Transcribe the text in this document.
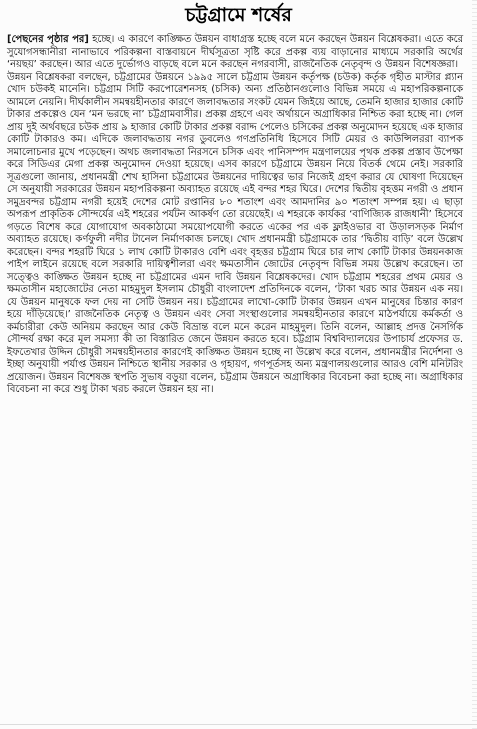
চট্টগ্রামে শর্ষের

[পেছনের পৃষ্ঠার পর] হচ্ছে। এ কারণে কাঙ্ক্ষিত উন্নয়ন বাধাগ্রস্ত হচ্ছে বলে মনে করছেন উন্নয়ন বিশ্লেষকরা। এতে করে সুযোগসন্ধানীরা নানাভাবে পরিকল্পনা বাস্তবায়নে দীর্ঘসূত্রতা সৃষ্টি করে প্রকল্প ব্যয় বাড়ানোর মাধ্যমে সরকারি অর্থের ‘নয়ছয়’ করছেন। আর এতে দুর্ভোগও বাড়ছে বলে মনে করছেন নগরবাসী, রাজনৈতিক নেতৃবৃন্দ ও উন্নয়ন বিশেষজ্ঞরা।

উন্নয়ন বিশ্লেষকরা বলছেন, চট্টগ্রামের উন্নয়নে ১৯৯৫ সালে চট্টগ্রাম উন্নয়ন কর্তৃপক্ষ (চউক) কর্তৃক গৃহীত মাস্টার প্ল্যান খোদ চউকই মানেনি। চট্টগ্রাম সিটি করপোরেশনসহ (চসিক) অন্য প্রতিষ্ঠানগুলোও বিভিন্ন সময়ে এ মহাপরিকল্পনাকে আমলে নেয়নি। দীর্ঘকালীন সমন্বয়হীনতার কারণে জলাবদ্ধতার সংকট যেমন জিইয়ে আছে, তেমনি হাজার হাজার কোটি টাকার প্রকল্পেও যেন ‘মন ভরছে না’ চট্টগ্রামবাসীর। প্রকল্প গ্রহণে এবং অর্থায়নে অগ্রাধিকার নিশ্চিত করা হচ্ছে না। গেল প্রায় দুই অর্থবছরে চউক প্রায় ৯ হাজার কোটি টাকার প্রকল্প বরাদ্দ পেলেও চসিকের প্রকল্প অনুমোদন হয়েছে এক হাজার কোটি টাকারও কম। এদিকে জলাবদ্ধতায় নগর ডুবলেও গণপ্রতিনিধি হিসেবে সিটি মেয়র ও কাউন্সিলররা ব্যাপক সমালোচনার মুখে পড়েছেন। অথচ জলাবদ্ধতা নিরসনে চসিক এবং পানিসম্পদ মন্ত্রণালয়ের পৃথক প্রকল্প প্রস্তাব উপেক্ষা করে সিডিএর মেগা প্রকল্প অনুমোদন দেওয়া হয়েছে। এসব কারণে চট্টগ্রামে উন্নয়ন নিয়ে বিতর্ক থেমে নেই। সরকারি সূত্রগুলো জানায়, প্রধানমন্ত্রী শেখ হাসিনা চট্টগ্রামের উন্নয়নের দায়িত্বের ভার নিজেই গ্রহণ করার যে ঘোষণা দিয়েছেন সে অনুযায়ী সরকারের উন্নয়ন মহাপরিকল্পনা অব্যাহত রয়েছে এই বন্দর শহর ঘিরে। দেশের দ্বিতীয় বৃহত্তম নগরী ও প্রধান সমুদ্রবন্দর চট্টগ্রাম নগরী হয়েই দেশের মোট রপ্তানির ৮০ শতাংশ এবং আমদানির ৯০ শতাংশ সম্পন্ন হয়। এ ছাড়া অপরূপ প্রাকৃতিক সৌন্দর্যের এই শহরের পর্যটন আকর্ষণ তো রয়েছেই। এ শহরকে কার্যকর ‘বাণিজ্যিক রাজধানী’ হিসেবে গড়তে বিশেষ করে যোগাযোগ অবকাঠামো সময়োপযোগী করতে একের পর এক ফ্লাইওভার বা উড়ালসড়ক নির্মাণ অব্যাহত রয়েছে। কর্ণফুলী নদীর টানেল নির্মাণকাজ চলছে। খোদ প্রধানমন্ত্রী চট্টগ্রামকে তার ‘দ্বিতীয় বাড়ি’ বলে উল্লেখ করেছেন। বন্দর শহরটি ঘিরে ১ লাখ কোটি টাকারও বেশি এবং বৃহত্তর চট্টগ্রাম ঘিরে চার লাখ কোটি টাকার উন্নয়নকাজ পাইপ লাইনে রয়েছে বলে সরকারি দায়িত্বশীলরা এবং ক্ষমতাসীন জোটের নেতৃবৃন্দ বিভিন্ন সময় উল্লেখ করেছেন। তা সত্ত্বেও কাঙ্ক্ষিত উন্নয়ন হচ্ছে না চট্টগ্রামের এমন দাবি উন্নয়ন বিশ্লেষকদের। খোদ চট্টগ্রাম শহরের প্রথম মেয়র ও ক্ষমতাসীন মহাজোটের নেতা মাহমুদুল ইসলাম চৌধুরী বাংলাদেশ প্রতিদিনকে বলেন, ‘টাকা খরচ আর উন্নয়ন এক নয়। যে উন্নয়ন মানুষকে ফল দেয় না সেটি উন্নয়ন নয়। চট্টগ্রামের লাখো-কোটি টাকার উন্নয়ন এখন মানুষের চিন্তার কারণ হয়ে দাঁড়িয়েছে।’ রাজনৈতিক নেতৃত্ব ও উন্নয়ন এবং সেবা সংস্থাগুলোর সমন্বয়হীনতার কারণে মাঠপর্যায়ে কর্মকর্তা ও কর্মচারীরা কেউ অনিয়ম করছেন আর কেউ বিভ্রান্ত বলে মনে করেন মাহমুদুল। তিনি বলেন, আল্লাহ প্রদত্ত নৈসর্গিক সৌন্দর্য রক্ষা করে মূল সমস্যা কী তা বিস্তারিত জেনে উন্নয়ন করতে হবে। চট্টগ্রাম বিশ্ববিদ্যালয়ের উপাচার্য প্রফেসর ড. ইফতেখার উদ্দিন চৌধুরী সমন্বয়হীনতার কারণেই কাঙ্ক্ষিত উন্নয়ন হচ্ছে না উল্লেখ করে বলেন, প্রধানমন্ত্রীর নির্দেশনা ও ইচ্ছা অনুযায়ী পর্যাপ্ত উন্নয়ন নিশ্চিতে স্থানীয় সরকার ও গৃহায়ণ, গণপূর্তসহ অন্য মন্ত্রণালয়গুলোর আরও বেশি মনিটরিং প্রয়োজন। উন্নয়ন বিশেষজ্ঞ স্থপতি সুভাষ বড়ুয়া বলেন, চট্টগ্রাম উন্নয়নে অগ্রাধিকার বিবেচনা করা হচ্ছে না। অগ্রাধিকার বিবেচনা না করে শুধু টাকা খরচ করলে উন্নয়ন হয় না।
